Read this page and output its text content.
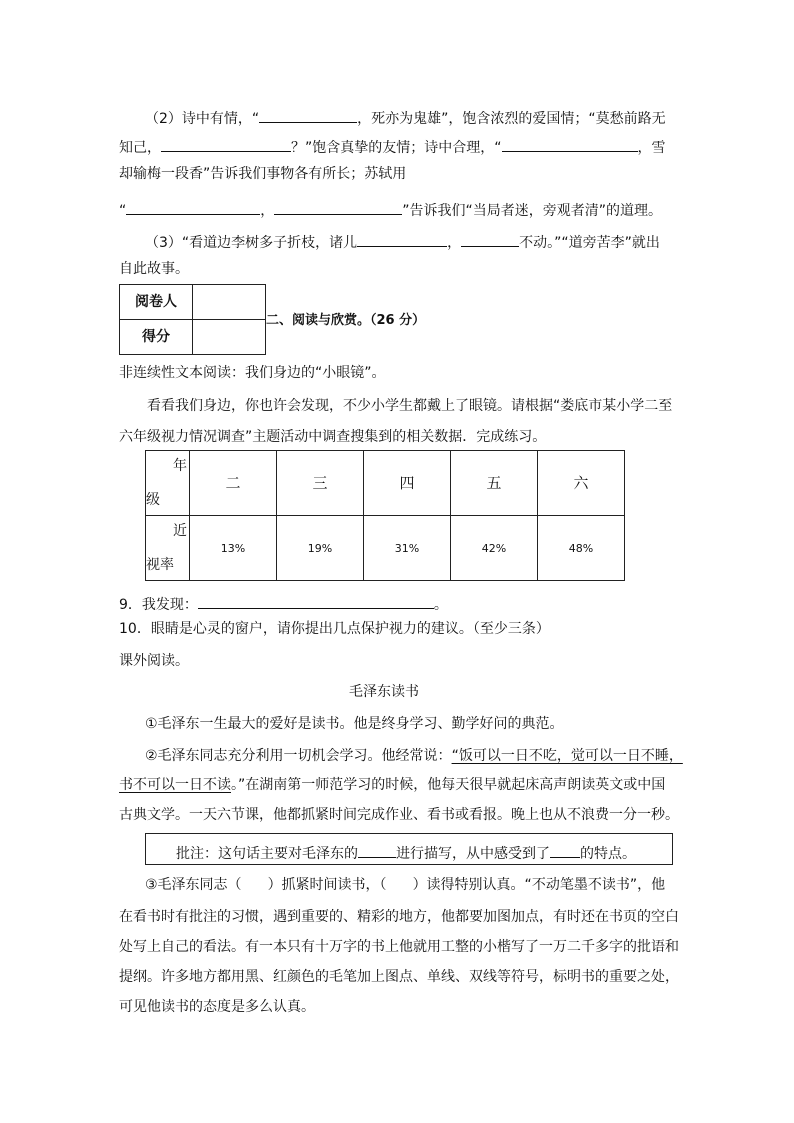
（2）诗中有情，“	，死亦为鬼雄”，饱含浓烈的爱国情；“莫愁前路无
知己，	？”饱含真挚的友情；诗中合理，“	，雪
却输梅一段香”告诉我们事物各有所长；苏轼用
“	，	”告诉我们“当局者迷，旁观者清”的道理。
（3）“看道边李树多子折枝，诸儿	，	不动。”“道旁苦李”就出
自此故事。
阅卷人	
得分	
二、阅读与欣赏。（26 分）
非连续性文本阅读：我们身边的“小眼镜”。
看看我们身边，你也许会发现，不少小学生都戴上了眼镜。请根据“娄底市某小学二至
六年级视力情况调查”主题活动中调查搜集到的相关数据．完成练习。
年
级	二	三	四	五	六

近
视率	13%	19%	31%	42%	48%
9．我发现：	。
10．眼睛是心灵的窗户，请你提出几点保护视力的建议。（至少三条）
课外阅读。
毛泽东读书
①毛泽东一生最大的爱好是读书。他是终身学习、勤学好问的典范。
②毛泽东同志充分利用一切机会学习。他经常说：“饭可以一日不吃，觉可以一日不睡，
书不可以一日不读。”在湖南第一师范学习的时候，他每天很早就起床高声朗读英文或中国
古典文学。一天六节课，他都抓紧时间完成作业、看书或看报。晚上也从不浪费一分一秒。
批注：这句话主要对毛泽东的	进行描写，从中感受到了 的特点。
③毛泽东同志（ ）抓紧时间读书，（ ）读得特别认真。“不动笔墨不读书”，他
在看书时有批注的习惯，遇到重要的、精彩的地方，他都要加图加点，有时还在书页的空白
处写上自己的看法。有一本只有十万字的书上他就用工整的小楷写了一万二千多字的批语和
提纲。许多地方都用黑、红颜色的毛笔加上图点、单线、双线等符号，标明书的重要之处，
可见他读书的态度是多么认真。
